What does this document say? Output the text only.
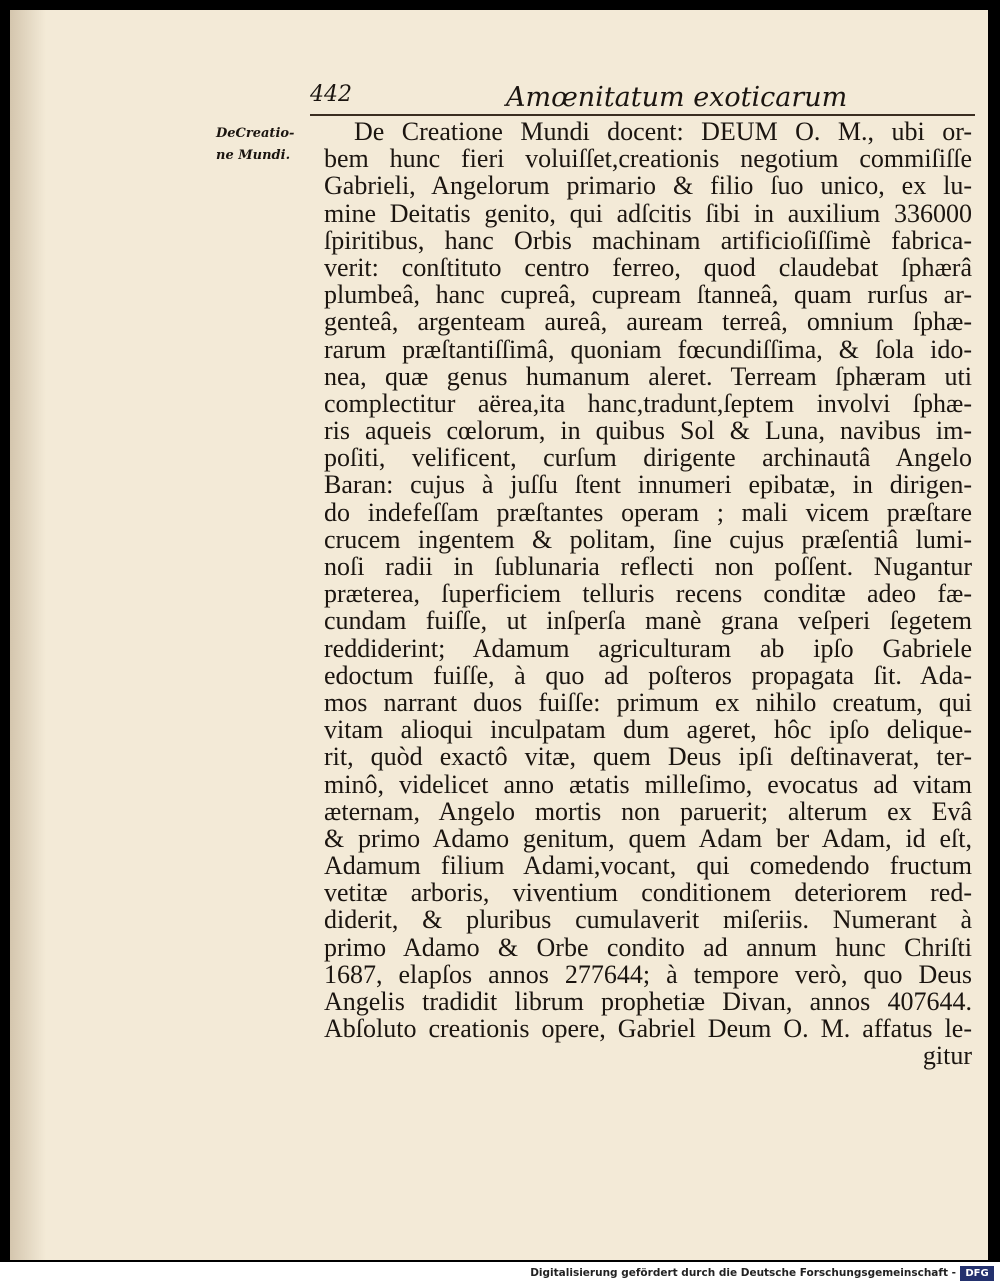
442	Amœnitatum exoticarum
DeCreatio-
ne Mundi.
De Creatione Mundi docent: DEUM O. M., ubi or-
bem hunc fieri voluiſſet,creationis negotium commiſiſſe
Gabrieli, Angelorum primario & filio ſuo unico, ex lu-
mine Deitatis genito, qui adſcitis ſibi in auxilium 336000
ſpiritibus, hanc Orbis machinam artificioſiſſimè fabrica-
verit: conſtituto centro ferreo, quod claudebat ſphærâ
plumbeâ, hanc cupreâ, cupream ſtanneâ, quam rurſus ar-
genteâ, argenteam aureâ, auream terreâ, omnium ſphæ-
rarum præſtantiſſimâ, quoniam fœcundiſſima, & ſola ido-
nea, quæ genus humanum aleret. Terream ſphæram uti
complectitur aërea,ita hanc,tradunt,ſeptem involvi ſphæ-
ris aqueis cœlorum, in quibus Sol & Luna, navibus im-
poſiti, velificent, curſum dirigente archinautâ Angelo
Baran: cujus à juſſu ſtent innumeri epibatæ, in dirigen-
do indefeſſam præſtantes operam ; mali vicem præſtare
crucem ingentem & politam, ſine cujus præſentiâ lumi-
noſi radii in ſublunaria reflecti non poſſent. Nugantur
præterea, ſuperficiem telluris recens conditæ adeo fæ-
cundam fuiſſe, ut inſperſa manè grana veſperi ſegetem
reddiderint; Adamum agriculturam ab ipſo Gabriele
edoctum fuiſſe, à quo ad poſteros propagata ſit. Ada-
mos narrant duos fuiſſe: primum ex nihilo creatum, qui
vitam alioqui inculpatam dum ageret, hôc ipſo delique-
rit, quòd exactô vitæ, quem Deus ipſi deſtinaverat, ter-
minô, videlicet anno ætatis milleſimo, evocatus ad vitam
æternam, Angelo mortis non paruerit; alterum ex Evâ
& primo Adamo genitum, quem Adam ber Adam, id eſt,
Adamum filium Adami,vocant, qui comedendo fructum
vetitæ arboris, viventium conditionem deteriorem red-
diderit, & pluribus cumulaverit miſeriis. Numerant à
primo Adamo & Orbe condito ad annum hunc Chriſti
1687, elapſos annos 277644; à tempore verò, quo Deus
Angelis tradidit librum prophetiæ Divan, annos 407644.
Abſoluto creationis opere, Gabriel Deum O. M. affatus le-
gitur
Digitalisierung gefördert durch die Deutsche Forschungsgemeinschaft - DFG
